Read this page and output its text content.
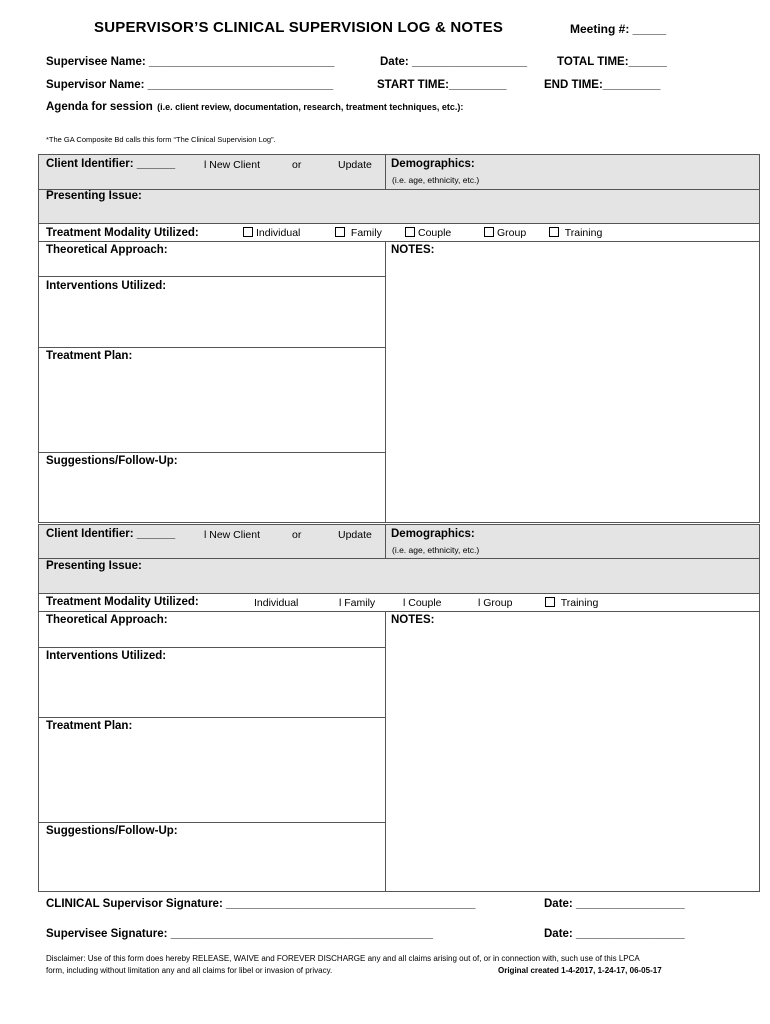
SUPERVISOR’S CLINICAL SUPERVISION LOG & NOTES	Meeting #: _____
Supervisee Name: _____________________________	Date: __________________	TOTAL TIME:______
Supervisor Name: _____________________________	START TIME:_________	END TIME:_________
Agenda for session (i.e. client review, documentation, research, treatment techniques, etc.):
*The GA Composite Bd calls this form “The Clinical Supervision Log”.
Client Identifier: ______	l New Client	or	Update Demographics:
(i.e. age, ethnicity, etc.)
Presenting Issue:
Treatment Modality Utilized:	Individual	Family	Couple	Group	Training
Theoretical Approach:	NOTES:
Interventions Utilized:
Treatment Plan:
Suggestions/Follow-Up:
Client Identifier: ______	l New Client	or	Update Demographics:
(i.e. age, ethnicity, etc.)
Presenting Issue:
Treatment Modality Utilized:	Individual	l Family	l Couple	l Group	Training
Theoretical Approach:	NOTES:
Interventions Utilized:
Treatment Plan:
Suggestions/Follow-Up:
CLINICAL Supervisor Signature: _______________________________________	Date: _________________
Supervisee Signature: _________________________________________	Date: _________________
Disclaimer: Use of this form does hereby RELEASE, WAIVE and FOREVER DISCHARGE any and all claims arising out of, or in connection with, such use of this LPCA
form, including without limitation any and all claims for libel or invasion of privacy.	Original created 1-4-2017, 1-24-17, 06-05-17
